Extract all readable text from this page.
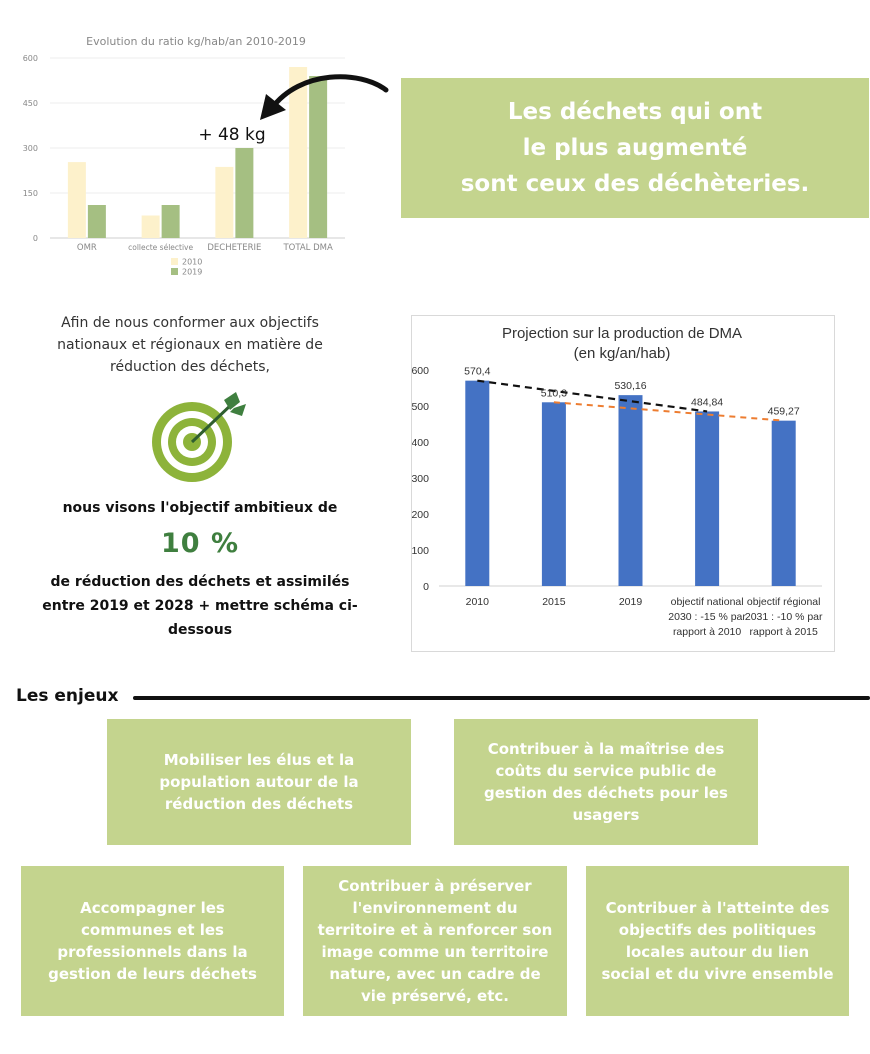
Evolution du ratio kg/hab/an 2010-2019
0
150
300
450
600
OMR	collecte sélective DECHETERIE	TOTAL DMA
2010
2019
+ 48 kg
Les déchets qui ont
le plus augmenté
sont ceux des déchèteries.
Afin de nous conformer aux objectifs nationaux et régionaux en matière de réduction des déchets,
nous visons l'objectif ambitieux de
10 %
de réduction des déchets et assimilés entre 2019 et 2028 + mettre schéma ci-dessous
Projection sur la production de DMA
(en kg/an/hab)
0
100
200
300
400
500
600	570,4
510,3
530,16
484,84
459,27
2010	2015	2019	objectif national 2030 : -15 % par rapport à 2010
objectif régional 2031 : -10 % par rapport à 2015
Les enjeux
Mobiliser les élus et la population autour de la réduction des déchets
Contribuer à la maîtrise des coûts du service public de gestion des déchets pour les usagers
Accompagner les communes et les professionnels dans la gestion de leurs déchets
Contribuer à préserver l'environnement du territoire et à renforcer son image comme un territoire nature, avec un cadre de vie préservé, etc.
Contribuer à l'atteinte des objectifs des politiques locales autour du lien social et du vivre ensemble
